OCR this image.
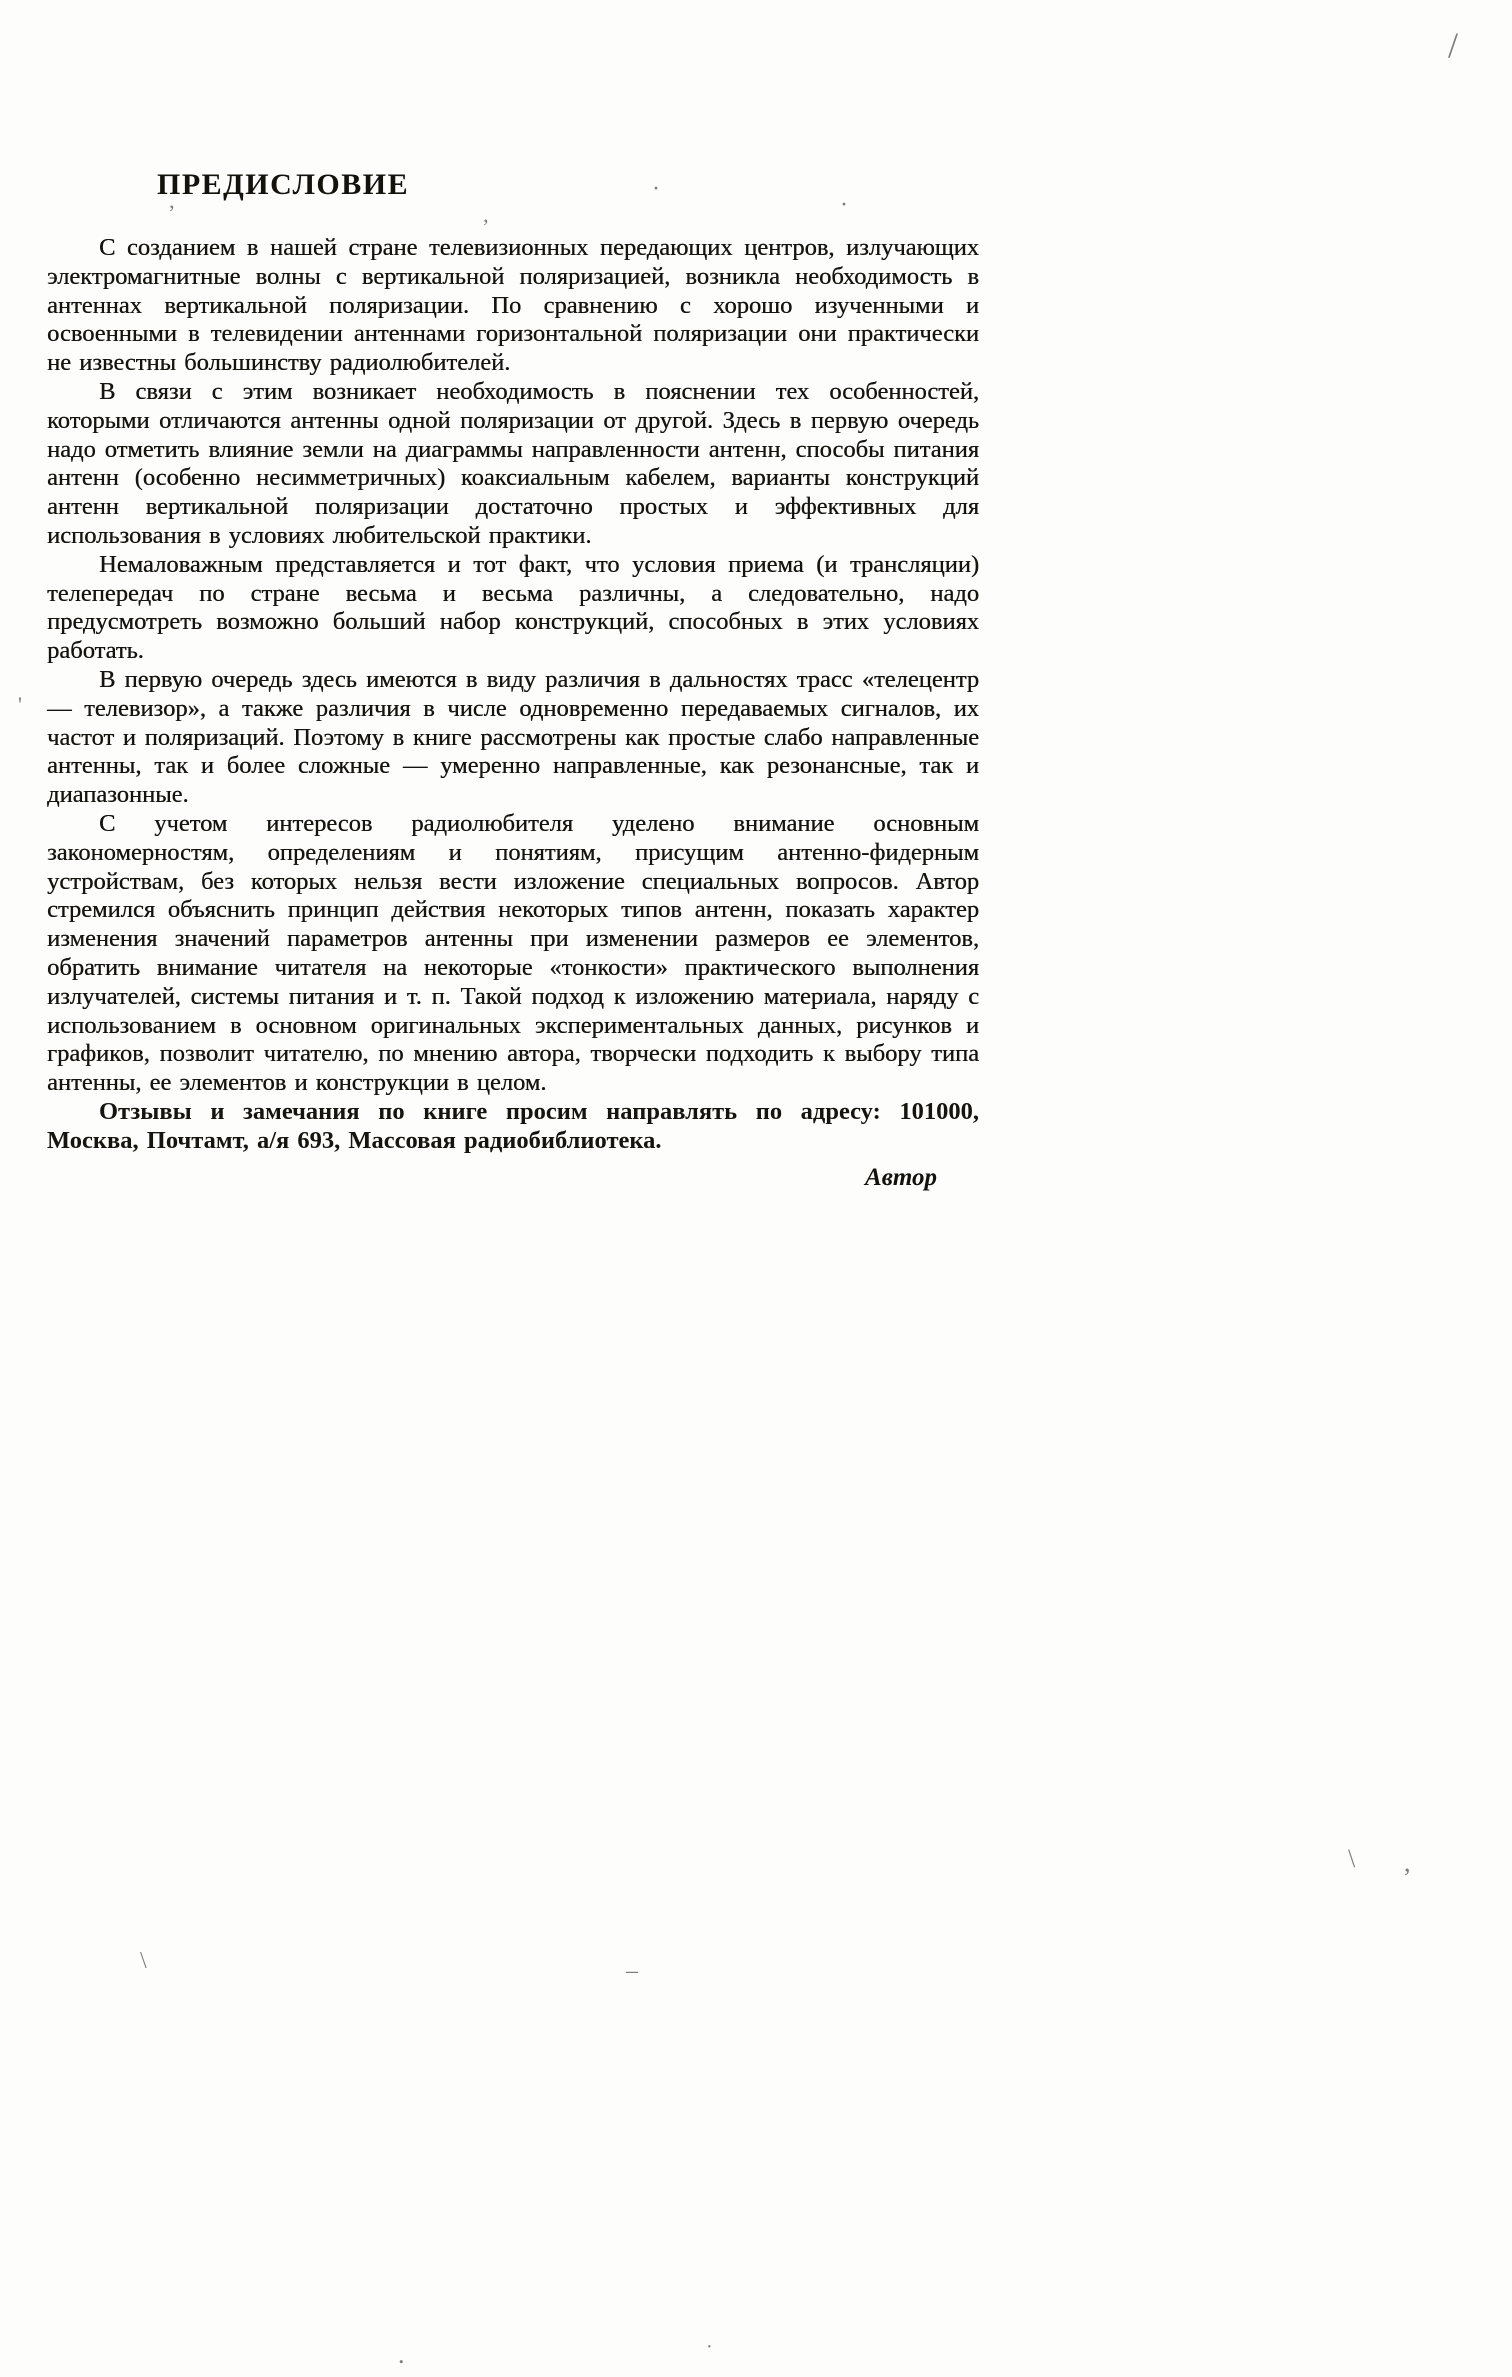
ПРЕДИСЛОВИЕ

С созданием в нашей стране телевизионных передающих центров, излучающих электромагнитные волны с вертикальной поляризацией, возникла необходимость в антеннах вертикальной поляризации. По сравнению с хорошо изученными и освоенными в телевидении антеннами горизонтальной поляризации они практически не известны большинству радиолюбителей.

В связи с этим возникает необходимость в пояснении тех особенностей, которыми отличаются антенны одной поляризации от другой. Здесь в первую очередь надо отметить влияние земли на диаграммы направленности антенн, способы питания антенн (особенно несимметричных) коаксиальным кабелем, варианты конструкций антенн вертикальной поляризации достаточно простых и эффективных для использования в условиях любительской практики.

Немаловажным представляется и тот факт, что условия приема (и трансляции) телепередач по стране весьма и весьма различны, а следовательно, надо предусмотреть возможно больший набор конструкций, способных в этих условиях работать.

В первую очередь здесь имеются в виду различия в дальностях трасс «телецентр — телевизор», а также различия в числе одновременно передаваемых сигналов, их частот и поляризаций. Поэтому в книге рассмотрены как простые слабо направленные антенны, так и более сложные — умеренно направленные, как резонансные, так и диапазонные.

С учетом интересов радиолюбителя уделено внимание основным закономерностям, определениям и понятиям, присущим антенно-фидерным устройствам, без которых нельзя вести изложение специальных вопросов. Автор стремился объяснить принцип действия некоторых типов антенн, показать характер изменения значений параметров антенны при изменении размеров ее элементов, обратить внимание читателя на некоторые «тонкости» практического выполнения излучателей, системы питания и т. п. Такой подход к изложению материала, наряду с использованием в основном оригинальных экспериментальных данных, рисунков и графиков, позволит читателю, по мнению автора, творчески подходить к выбору типа антенны, ее элементов и конструкции в целом.

Отзывы и замечания по книге просим направлять по адресу: 101000, Москва, Почтамт, а/я 693, Массовая радиобиблиотека.

Автор
/
’
’
·
·
'
\ ,
\	–
.	·
